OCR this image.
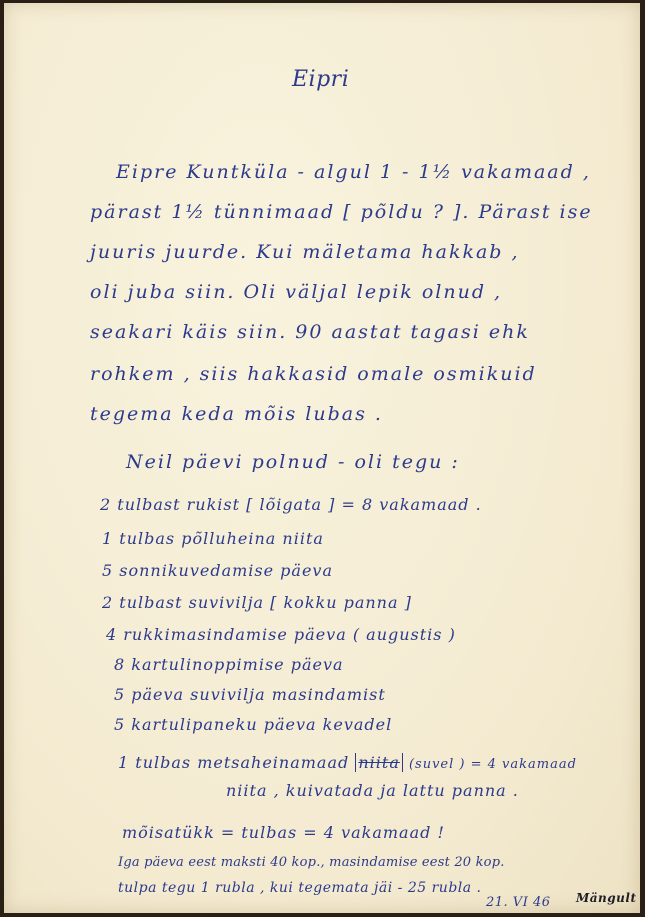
Eipri
Eipre Kuntküla - algul 1 - 1½ vakamaad ,
pärast 1½ tünnimaad [ põldu ? ]. Pärast ise
juuris juurde. Kui mäletama hakkab ,
oli juba siin. Oli väljal lepik olnud ,
seakari käis siin. 90 aastat tagasi ehk
rohkem , siis hakkasid omale osmikuid
tegema keda mõis lubas .
Neil päevi polnud - oli tegu :
2 tulbast rukist [ lõigata ] = 8 vakamaad .
1 tulbas põlluheina niita
5 sonnikuvedamise päeva
2 tulbast suvivilja [ kokku panna ]
4 rukkimasindamise päeva ( augustis )
8 kartulinoppimise päeva
5 päeva suvivilja masindamist
5 kartulipaneku päeva kevadel
1 tulbas metsaheinamaad niita (suvel ) = 4 vakamaad
niita , kuivatada ja lattu panna .
mõisatükk = tulbas = 4 vakamaad !
Iga päeva eest maksti 40 kop., masindamise eest 20 kop.
tulpa tegu 1 rubla , kui tegemata jäi - 25 rubla .
21. VI 46 Mängult
